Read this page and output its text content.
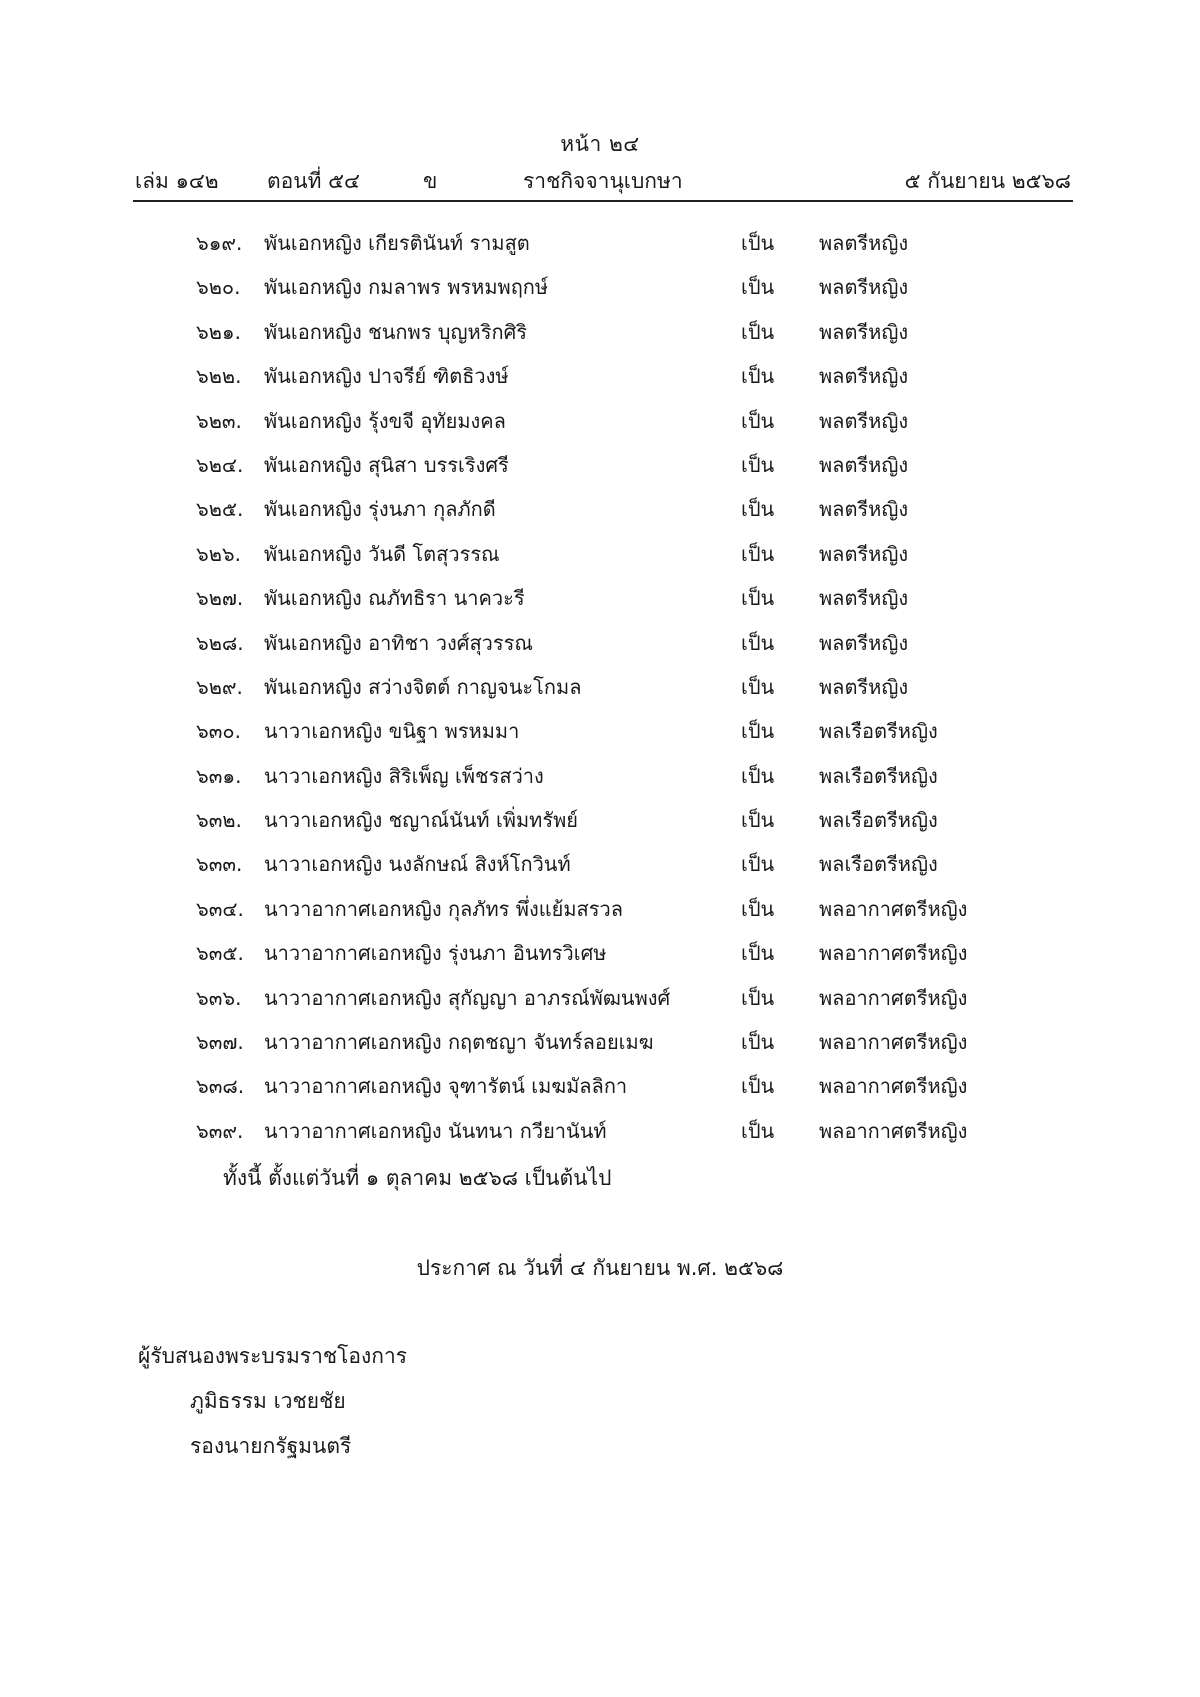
หน้า ๒๔
เล่ม ๑๔๒ ตอนที่ ๕๔	ข	ราชกิจจานุเบกษา	๕ กันยายน ๒๕๖๘
๖๑๙. พันเอกหญิง เกียรตินันท์ รามสูต	เป็น พลตรีหญิง
๖๒๐. พันเอกหญิง กมลาพร พรหมพฤกษ์	เป็น พลตรีหญิง
๖๒๑. พันเอกหญิง ชนกพร บุญหริกศิริ	เป็น พลตรีหญิง
๖๒๒. พันเอกหญิง ปาจรีย์ ฑิตธิวงษ์	เป็น พลตรีหญิง
๖๒๓. พันเอกหญิง รุ้งขจี อุทัยมงคล	เป็น พลตรีหญิง
๖๒๔. พันเอกหญิง สุนิสา บรรเริงศรี	เป็น พลตรีหญิง
๖๒๕. พันเอกหญิง รุ่งนภา กุลภักดี	เป็น พลตรีหญิง
๖๒๖. พันเอกหญิง วันดี โตสุวรรณ	เป็น พลตรีหญิง
๖๒๗. พันเอกหญิง ณภัทธิรา นาควะรี	เป็น พลตรีหญิง
๖๒๘. พันเอกหญิง อาทิชา วงศ์สุวรรณ	เป็น พลตรีหญิง
๖๒๙. พันเอกหญิง สว่างจิตต์ กาญจนะโกมล	เป็น พลตรีหญิง
๖๓๐. นาวาเอกหญิง ขนิฐา พรหมมา	เป็น พลเรือตรีหญิง
๖๓๑. นาวาเอกหญิง สิริเพ็ญ เพ็ชรสว่าง	เป็น พลเรือตรีหญิง
๖๓๒. นาวาเอกหญิง ชญาณ์นันท์ เพิ่มทรัพย์	เป็น พลเรือตรีหญิง
๖๓๓. นาวาเอกหญิง นงลักษณ์ สิงห์โกวินท์	เป็น พลเรือตรีหญิง
๖๓๔. นาวาอากาศเอกหญิง กุลภัทร พึ่งแย้มสรวล	เป็น พลอากาศตรีหญิง
๖๓๕. นาวาอากาศเอกหญิง รุ่งนภา อินทรวิเศษ	เป็น พลอากาศตรีหญิง
๖๓๖. นาวาอากาศเอกหญิง สุกัญญา อาภรณ์พัฒนพงศ์	เป็น พลอากาศตรีหญิง
๖๓๗. นาวาอากาศเอกหญิง กฤตชญา จันทร์ลอยเมฆ	เป็น พลอากาศตรีหญิง
๖๓๘. นาวาอากาศเอกหญิง จุฑารัตน์ เมฆมัลลิกา	เป็น พลอากาศตรีหญิง
๖๓๙. นาวาอากาศเอกหญิง นันทนา กวียานันท์	เป็น พลอากาศตรีหญิง
ทั้งนี้ ตั้งแต่วันที่ ๑ ตุลาคม ๒๕๖๘ เป็นต้นไป
ประกาศ ณ วันที่ ๔ กันยายน พ.ศ. ๒๕๖๘
ผู้รับสนองพระบรมราชโองการ
ภูมิธรรม เวชยชัย
รองนายกรัฐมนตรี
